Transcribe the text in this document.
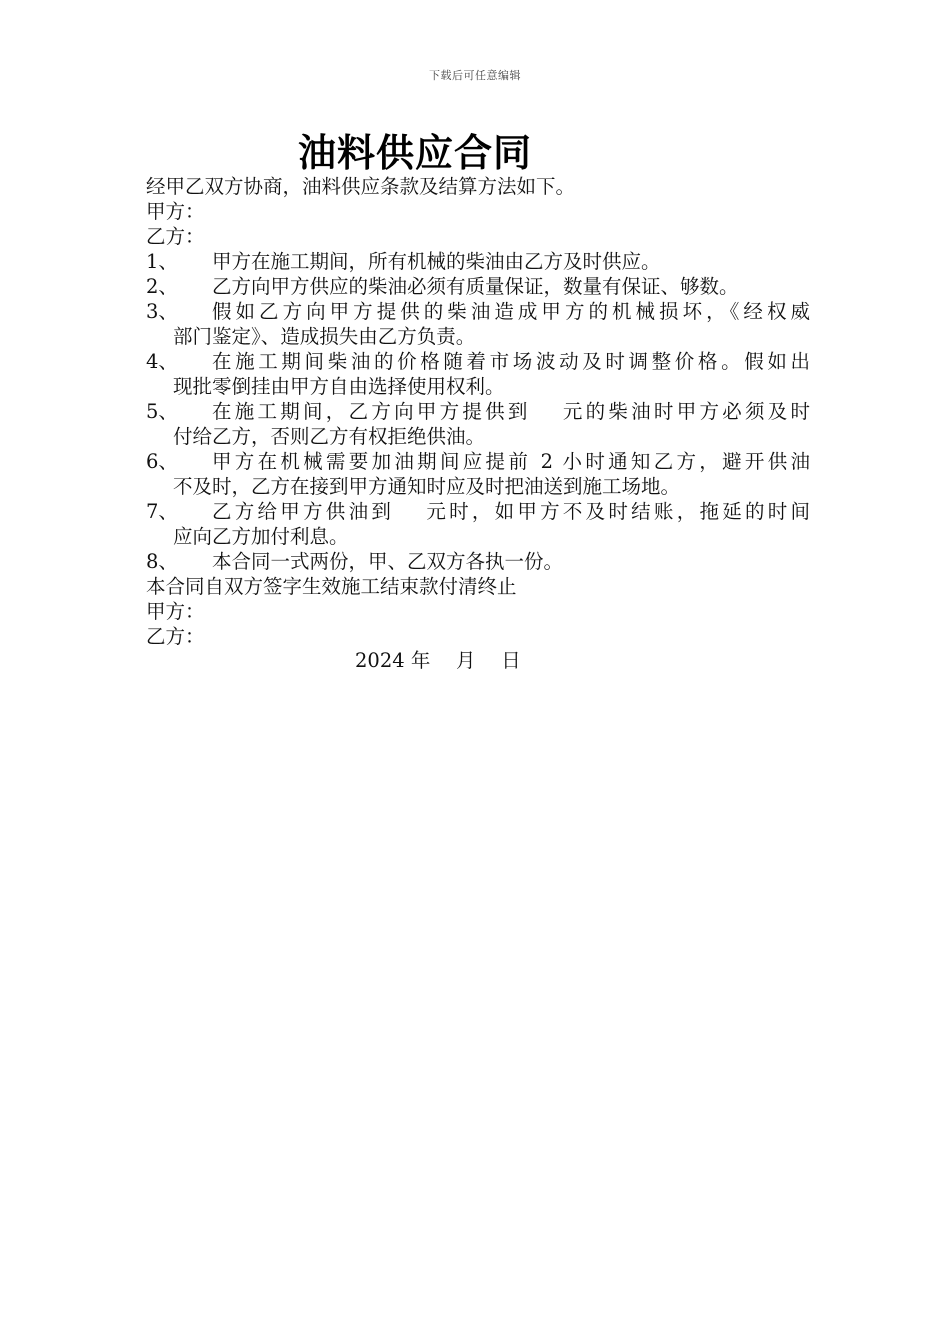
下载后可任意编辑
油料供应合同
经甲乙双方协商，油料供应条款及结算方法如下。
甲方：
乙方：
1、	甲方在施工期间，所有机械的柴油由乙方及时供应。
2、	乙方向甲方供应的柴油必须有质量保证，数量有保证、够数。
3、	假如乙方向甲方提供的柴油造成甲方的机械损坏，《经权威
部门鉴定》、造成损失由乙方负责。
4、	在施工期间柴油的价格随着市场波动及时调整价格。假如出
现批零倒挂由甲方自由选择使用权利。
5、	在施工期间，乙方向甲方提供到　 元的柴油时甲方必须及时
付给乙方，否则乙方有权拒绝供油。
6、	甲方在机械需要加油期间应提前 2 小时通知乙方，避开供油
不及时，乙方在接到甲方通知时应及时把油送到施工场地。
7、	乙方给甲方供油到　 元时，如甲方不及时结账，拖延的时间
应向乙方加付利息。
8、	本合同一式两份，甲、乙双方各执一份。
本合同自双方签字生效施工结束款付清终止
甲方：
乙方：
2024 年　 月　 日
